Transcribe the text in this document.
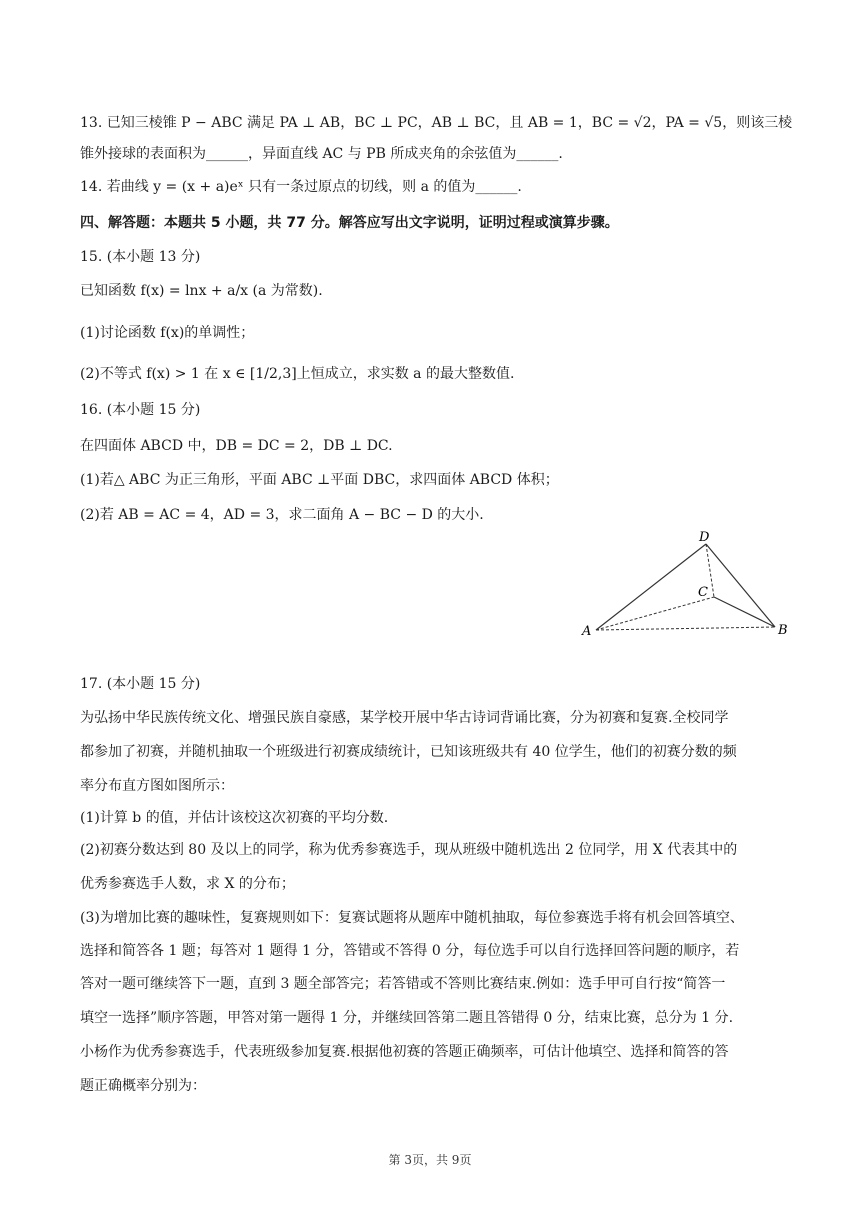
13. 已知三棱锥 P − ABC 满足 PA ⊥ AB，BC ⊥ PC，AB ⊥ BC，且 AB = 1，BC = √2，PA = √5，则该三棱
锥外接球的表面积为______，异面直线 AC 与 PB 所成夹角的余弦值为______.
14. 若曲线 y = (x + a)eˣ 只有一条过原点的切线，则 a 的值为______.
四、解答题：本题共 5 小题，共 77 分。解答应写出文字说明，证明过程或演算步骤。
15. (本小题 13 分)
已知函数 f(x) = lnx + a/x (a 为常数).
(1)讨论函数 f(x)的单调性；
(2)不等式 f(x) > 1 在 x ∈ [1/2,3]上恒成立，求实数 a 的最大整数值.
16. (本小题 15 分)
在四面体 ABCD 中，DB = DC = 2，DB ⊥ DC.
(1)若△ ABC 为正三角形，平面 ABC ⊥平面 DBC，求四面体 ABCD 体积；
(2)若 AB = AC = 4，AD = 3，求二面角 A − BC − D 的大小.
17. (本小题 15 分)
为弘扬中华民族传统文化、增强民族自豪感，某学校开展中华古诗词背诵比赛，分为初赛和复赛.全校同学
都参加了初赛，并随机抽取一个班级进行初赛成绩统计，已知该班级共有 40 位学生，他们的初赛分数的频
率分布直方图如图所示：
(1)计算 b 的值，并估计该校这次初赛的平均分数.
(2)初赛分数达到 80 及以上的同学，称为优秀参赛选手，现从班级中随机选出 2 位同学，用 X 代表其中的
优秀参赛选手人数，求 X 的分布；
(3)为增加比赛的趣味性，复赛规则如下：复赛试题将从题库中随机抽取，每位参赛选手将有机会回答填空、
选择和简答各 1 题；每答对 1 题得 1 分，答错或不答得 0 分，每位选手可以自行选择回答问题的顺序，若
答对一题可继续答下一题，直到 3 题全部答完；若答错或不答则比赛结束.例如：选手甲可自行按“简答一
填空一选择”顺序答题，甲答对第一题得 1 分，并继续回答第二题且答错得 0 分，结束比赛，总分为 1 分.
小杨作为优秀参赛选手，代表班级参加复赛.根据他初赛的答题正确频率，可估计他填空、选择和简答的答
题正确概率分别为：
D
C
A	B
第 3页，共 9页
